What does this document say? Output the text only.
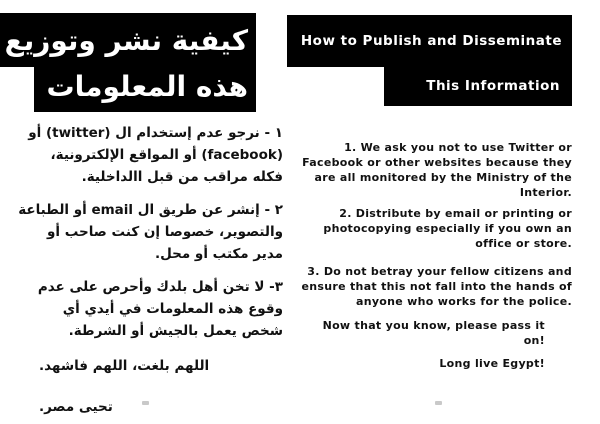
كيفية نشر وتوزيع
هذه المعلومات

١ - نرجو عدم إستخدام ال (twitter) أو (facebook) أو المواقع الإلكترونية، فكله مراقب من قبل االداخلية.

٢ - إنشر عن طريق ال email أو الطباعة والتصوير، خصوصا إن كنت صاحب أو مدير مكتب أو محل.

٣- لا تخن أهل بلدك وأحرص على عدم وقوع هذه المعلومات في أيدي أي شخص يعمل بالجيش أو الشرطة.

اللهم بلغت، اللهم فاشهد.

تحيى مصر.

How to Publish and Disseminate
This Information

1. We ask you not to use Twitter or Facebook or other websites because they are all monitored by the Ministry of the Interior.

2. Distribute by email or printing or photocopying especially if you own an office or store.

3. Do not betray your fellow citizens and ensure that this not fall into the hands of anyone who works for the police.

Now that you know, please pass it on!

Long live Egypt!
